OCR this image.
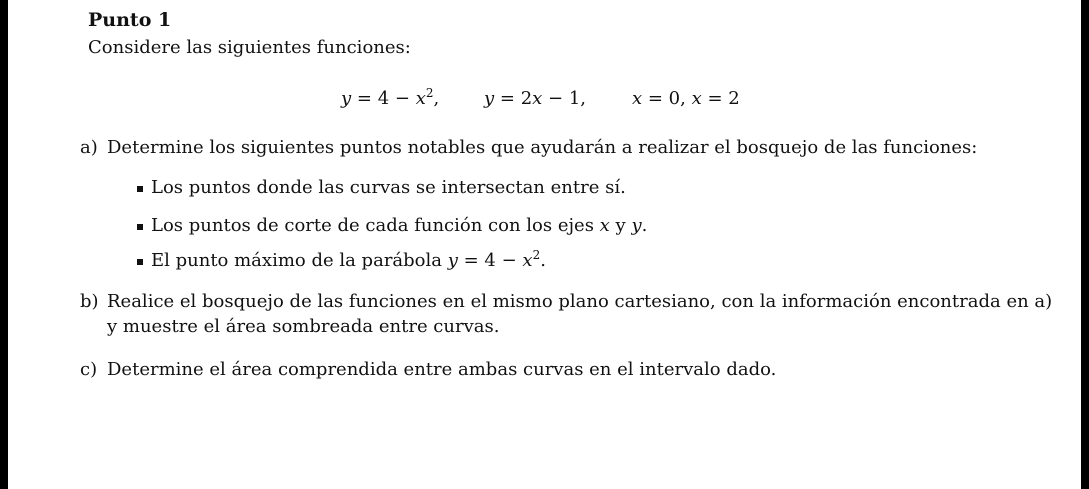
Punto 1
Considere las siguientes funciones:
$y = 4 - x^2$, y = 2x − 1,	x = 0, x = 2
a) Determine los siguientes puntos notables que ayudarán a realizar el bosquejo de las funciones:
Los puntos donde las curvas se intersectan entre sí.
Los puntos de corte de cada función con los ejes x y y.
El punto máximo de la parábola $y = 4 - x^2$.
b) Realice el bosquejo de las funciones en el mismo plano cartesiano, con la información encontrada en a)
y muestre el área sombreada entre curvas.
c) Determine el área comprendida entre ambas curvas en el intervalo dado.
